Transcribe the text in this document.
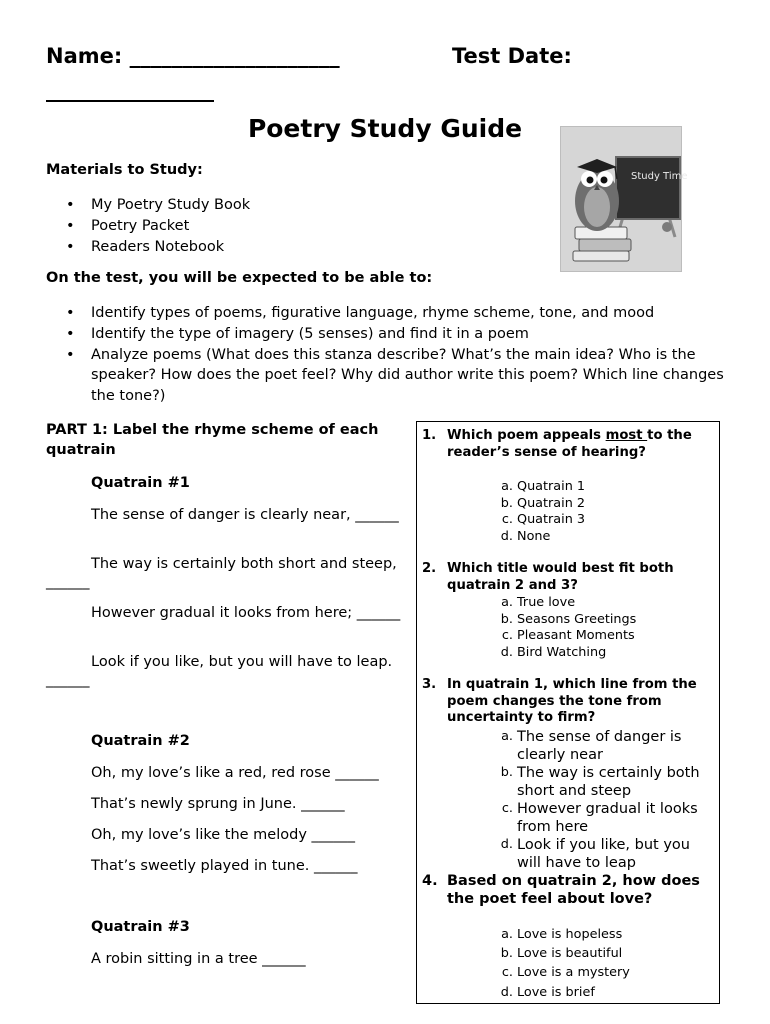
Name: ____________________	Test Date:
________________
Poetry Study Guide
Study Time
Materials to Study:
• My Poetry Study Book
• Poetry Packet
• Readers Notebook
On the test, you will be expected to be able to:
• Identify types of poems, figurative language, rhyme scheme, tone, and mood
• Identify the type of imagery (5 senses) and find it in a poem
• Analyze poems (What does this stanza describe? What’s the main idea? Who is the speaker? How does the poet feel? Why did author write this poem? Which line changes the tone?)
PART 1: Label the rhyme scheme of each quatrain
Quatrain #1
The sense of danger is clearly near, ______
The way is certainly both short and steep, ______
However gradual it looks from here; ______
Look if you like, but you will have to leap. ______
Quatrain #2
Oh, my love’s like a red, red rose ______
That’s newly sprung in June. ______
Oh, my love’s like the melody ______
That’s sweetly played in tune. ______
Quatrain #3
A robin sitting in a tree ______
1. Which poem appeals most to the reader’s sense of hearing?
a. Quatrain 1
b. Quatrain 2
c. Quatrain 3
d. None
2. Which title would best fit both quatrain 2 and 3?
a. True love
b. Seasons Greetings
c. Pleasant Moments
d. Bird Watching
3. In quatrain 1, which line from the poem changes the tone from uncertainty to firm?
a. The sense of danger is clearly near
b. The way is certainly both short and steep
c. However gradual it looks from here
d. Look if you like, but you will have to leap
4. Based on quatrain 2, how does the poet feel about love?
a. Love is hopeless
b. Love is beautiful
c. Love is a mystery
d. Love is brief
